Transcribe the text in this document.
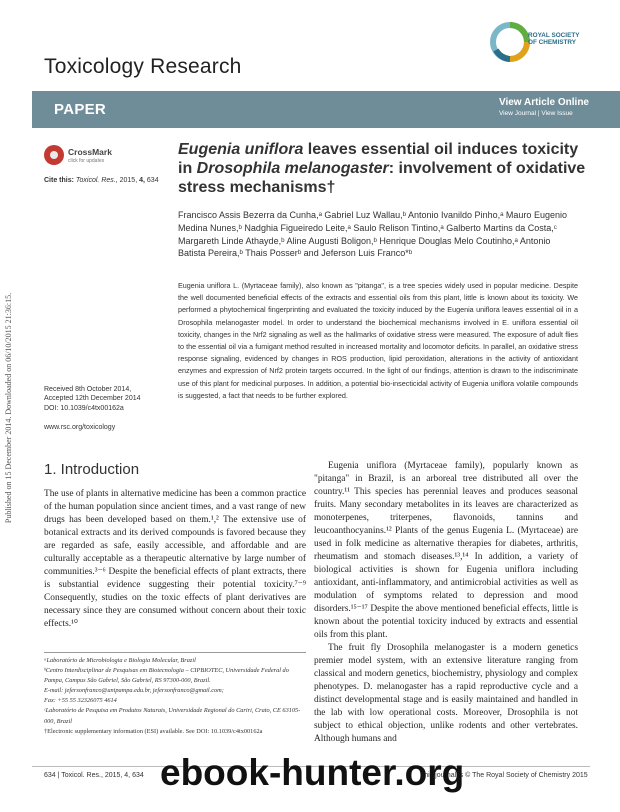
Published on 15 December 2014. Downloaded on 06/10/2015 21:36:15.
Toxicology Research
ROYAL SOCIETY
OF CHEMISTRY
PAPER	View Article Online
View Journal | View Issue
CrossMark
click for updates
Cite this: Toxicol. Res., 2015, 4, 634
Eugenia uniflora leaves essential oil induces toxicity in Drosophila melanogaster: involvement of oxidative stress mechanisms†
Francisco Assis Bezerra da Cunha,ᵃ Gabriel Luz Wallau,ᵇ Antonio Ivanildo Pinho,ᵃ Mauro Eugenio Medina Nunes,ᵇ Nadghia Figueiredo Leite,ᵃ Saulo Relison Tintino,ᵃ Galberto Martins da Costa,ᶜ Margareth Linde Athayde,ᵇ Aline Augusti Boligon,ᵇ Henrique Douglas Melo Coutinho,ᵃ Antonio Batista Pereira,ᵇ Thais Posserᵇ and Jeferson Luis Franco*ᵇ
Eugenia uniflora L. (Myrtaceae family), also known as "pitanga", is a tree species widely used in popular medicine. Despite the well documented beneficial effects of the extracts and essential oils from this plant, little is known about its toxicity. We performed a phytochemical fingerprinting and evaluated the toxicity induced by the Eugenia uniflora leaves essential oil in a Drosophila melanogaster model. In order to understand the biochemical mechanisms involved in E. uniflora essential oil toxicity, changes in the Nrf2 signaling as well as the hallmarks of oxidative stress were measured. The exposure of adult flies to the essential oil via a fumigant method resulted in increased mortality and locomotor deficits. In parallel, an oxidative stress response signaling, evidenced by changes in ROS production, lipid peroxidation, alterations in the activity of antioxidant enzymes and expression of Nrf2 protein targets occurred. In the light of our findings, attention is drawn to the indiscriminate use of this plant for medicinal purposes. In addition, a potential bio-insecticidal activity of Eugenia uniflora volatile compounds is suggested, a fact that needs to be further explored.
Received 8th October 2014,
Accepted 12th December 2014
DOI: 10.1039/c4tx00162a
www.rsc.org/toxicology
1. Introduction
The use of plants in alternative medicine has been a common practice of the human population since ancient times, and a vast range of new drugs has been developed based on them.¹,² The extensive use of botanical extracts and its derived compounds is favored because they are regarded as safe, easily accessible, and affordable and are culturally acceptable as a therapeutic alternative by large number of communities.³⁻⁶ Despite the beneficial effects of plant extracts, there is substantial evidence suggesting their potential toxicity.⁷⁻⁹ Consequently, studies on the toxic effects of plant derivatives are necessary since they are consumed without concern about their toxic effects.¹⁰
Eugenia uniflora (Myrtaceae family), popularly known as "pitanga" in Brazil, is an arboreal tree distributed all over the country.¹¹ This species has perennial leaves and produces seasonal fruits. Many secondary metabolites in its leaves are characterized as monoterpenes, triterpenes, flavonoids, tannins and leucoanthocyanins.¹² Plants of the genus Eugenia L. (Myrtaceae) are used in folk medicine as alternative therapies for diabetes, arthritis, rheumatism and stomach diseases.¹³,¹⁴ In addition, a variety of biological activities is shown for Eugenia uniflora including antioxidant, anti-inflammatory, and antimicrobial activities as well as modulation of symptoms related to depression and mood disorders.¹⁵⁻¹⁷ Despite the above mentioned beneficial effects, little is known about the potential toxicity induced by extracts and essential oils from this plant.
The fruit fly Drosophila melanogaster is a modern genetics premier model system, with an extensive literature ranging from classical and modern genetics, biochemistry, physiology and complex phenotypes. D. melanogaster has a rapid reproductive cycle and a distinct developmental stage and is easily maintained and handled in the lab with low operational costs. Moreover, Drosophila is not subject to ethical objection, unlike rodents and other vertebrates. Although humans and
ᵃLaboratório de Microbiologia e Biologia Molecular, Brazil
ᵇCentro Interdisciplinar de Pesquisas em Biotecnologia – CIPBIOTEC, Universidade Federal do Pampa, Campus São Gabriel, São Gabriel, RS 97300-000, Brazil.
E-mail: jefersonfranco@unipampa.edu.br, jefersonfranco@gmail.com;
Fax: +55 55 32326075 4614
ᶜLaboratório de Pesquisa em Produtos Naturais, Universidade Regional do Cariri, Crato, CE 63105-000, Brazil
†Electronic supplementary information (ESI) available. See DOI: 10.1039/c4tx00162a
634 | Toxicol. Res., 2015, 4, 634	This journal is © The Royal Society of Chemistry 2015
ebook-hunter.org
